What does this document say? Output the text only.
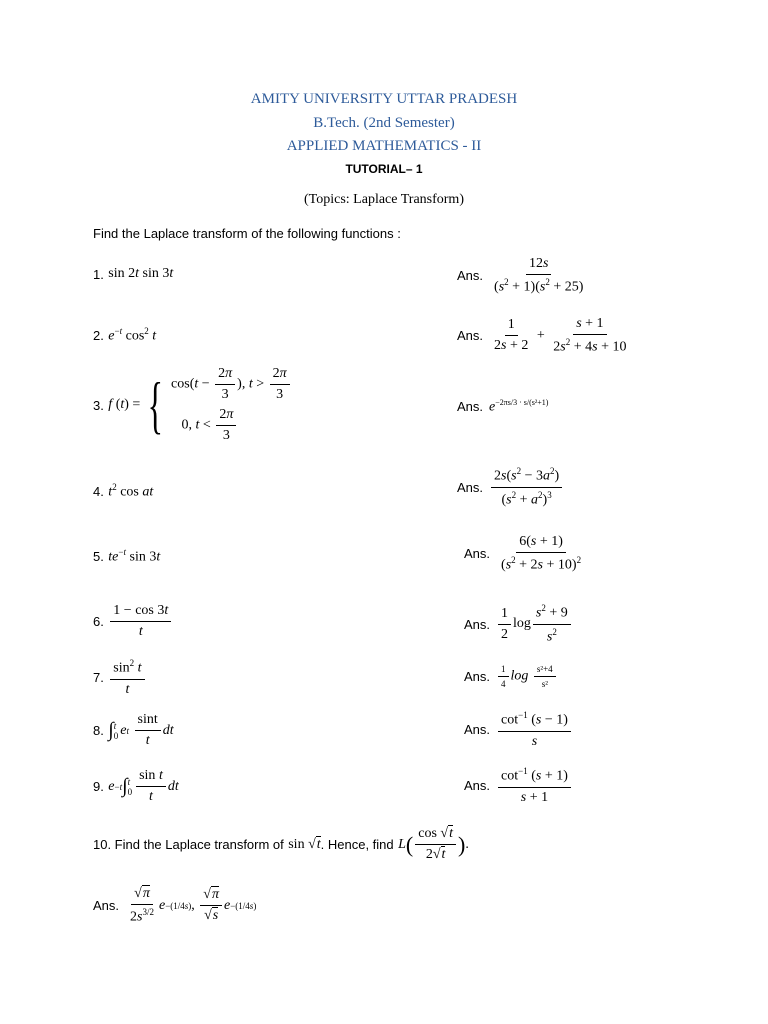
AMITY UNIVERSITY UTTAR PRADESH
B.Tech. (2nd Semester)
APPLIED MATHEMATICS - II
TUTORIAL– 1
(Topics: Laplace Transform)
Find the Laplace transform of the following functions :
1.
sin 2t sin 3t	Ans. $\frac{12s}{(s^2 + 1)(s^2 + 25)}$
2.
$e^{-t}$ $\cos^2 t$	Ans. $\frac{1}{2s + 2} + \frac{s + 1}{2s^2 + 4s + 10}$
3.
f (t) = { $\cos(t - \frac{2\pi}{3}$ ), $t > \frac{2\pi}{3}$
0, $t < \frac{2\pi}{3}$
Ans. $e^{-2\pi s/3 \cdot s/(s^2+1)}$
4.
$t^2$ cos at	Ans. $\frac{2s(s^2 - 3a^2)}{(s^2 + a^2)^3}$
5.
$te^{-t}$ sin 3t	Ans. $\frac{6(s + 1)}{(s^2 + 2s + 10)^2}$
6.
$\frac{1 - \cos 3t}{t}$	Ans. $\frac{1}{2}$ $\log \frac{s^2 + 9}{s^2}$
7.
$\frac{\sin^2 t}{t}$	Ans. $\frac{1}{4}$ $\log \frac{\text{s²+4}}{\text{s²}}$
8.
∫ t
0 e t
$\frac{\sin t}{t}$ dt	Ans. $\frac{\cot^{-1} (s - 1)}{s}$
9.
e −t ∫ t
$0 \frac{\text{sin t}}{t}$ dt	Ans. $\frac{\cot^{-1} (s + 1)}{s + 1}$
10. Find the Laplace transform of
sin √t . Hence, find
L ( $\frac{\cos √t}{2√t}$ ) .
Ans. $\frac{√\pi}{2s^{3/2}}$ e −(1/4s) , $\frac{√\pi}{√s}$ e −(1/4s)
